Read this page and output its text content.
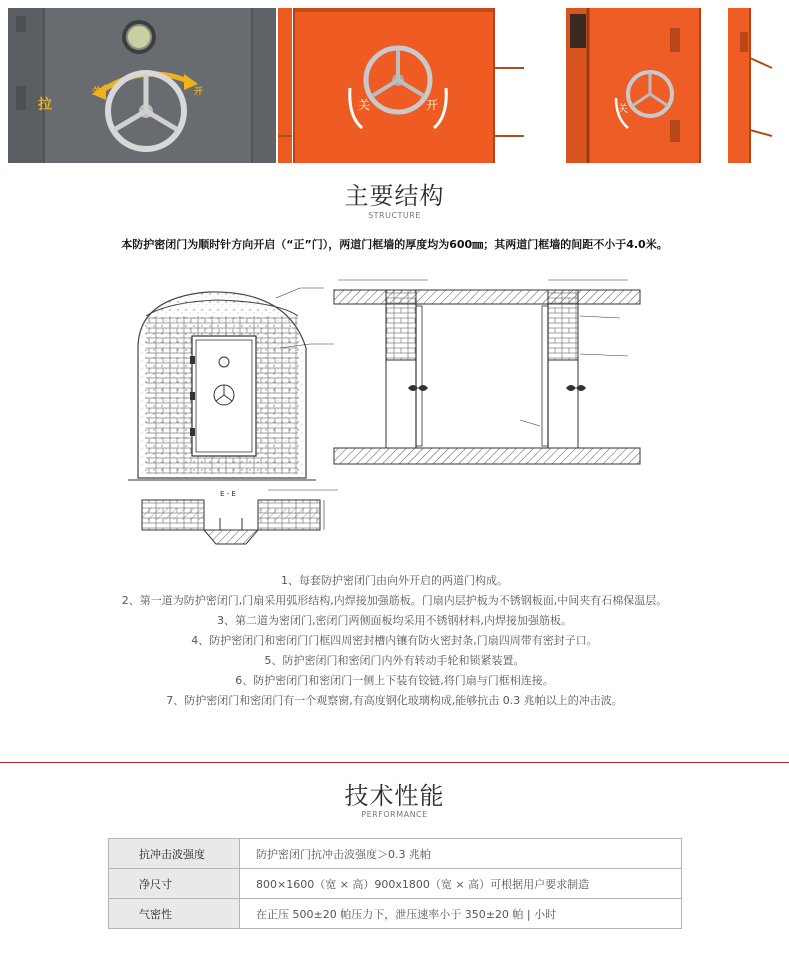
拉
关	开
关	开	关
主要结构
STRUCTURE
本防护密闭门为顺时针方向开启（“正”门），两道门框墙的厚度均为600㎜；其两道门框墙的间距不小于4.0米。
E - E

1、每套防护密闭门由向外开启的两道门构成。

2、第一道为防护密闭门,门扇采用弧形结构,内焊接加强筋板。门扇内层护板为不锈钢板面,中间夹有石棉保温层。

3、第二道为密闭门,密闭门两侧面板均采用不锈钢材料,内焊接加强筋板。

4、防护密闭门和密闭门门框四周密封槽内镶有防火密封条,门扇四周带有密封子口。

5、防护密闭门和密闭门内外有转动手轮和锁紧装置。

6、防护密闭门和密闭门一侧上下装有铰链,将门扇与门框相连接。

7、防护密闭门和密闭门有一个观察窗,有高度钢化玻璃构成,能够抗击 0.3 兆帕以上的冲击波。

技术性能
PERFORMANCE
抗冲击波强度	防护密闭门抗冲击波强度＞0.3 兆帕
净尺寸	800×1600（宽 × 高）900x1800（宽 × 高）可根据用户要求制造
气密性	在正压 500±20 帕压力下，泄压速率小于 350±20 帕 | 小时
